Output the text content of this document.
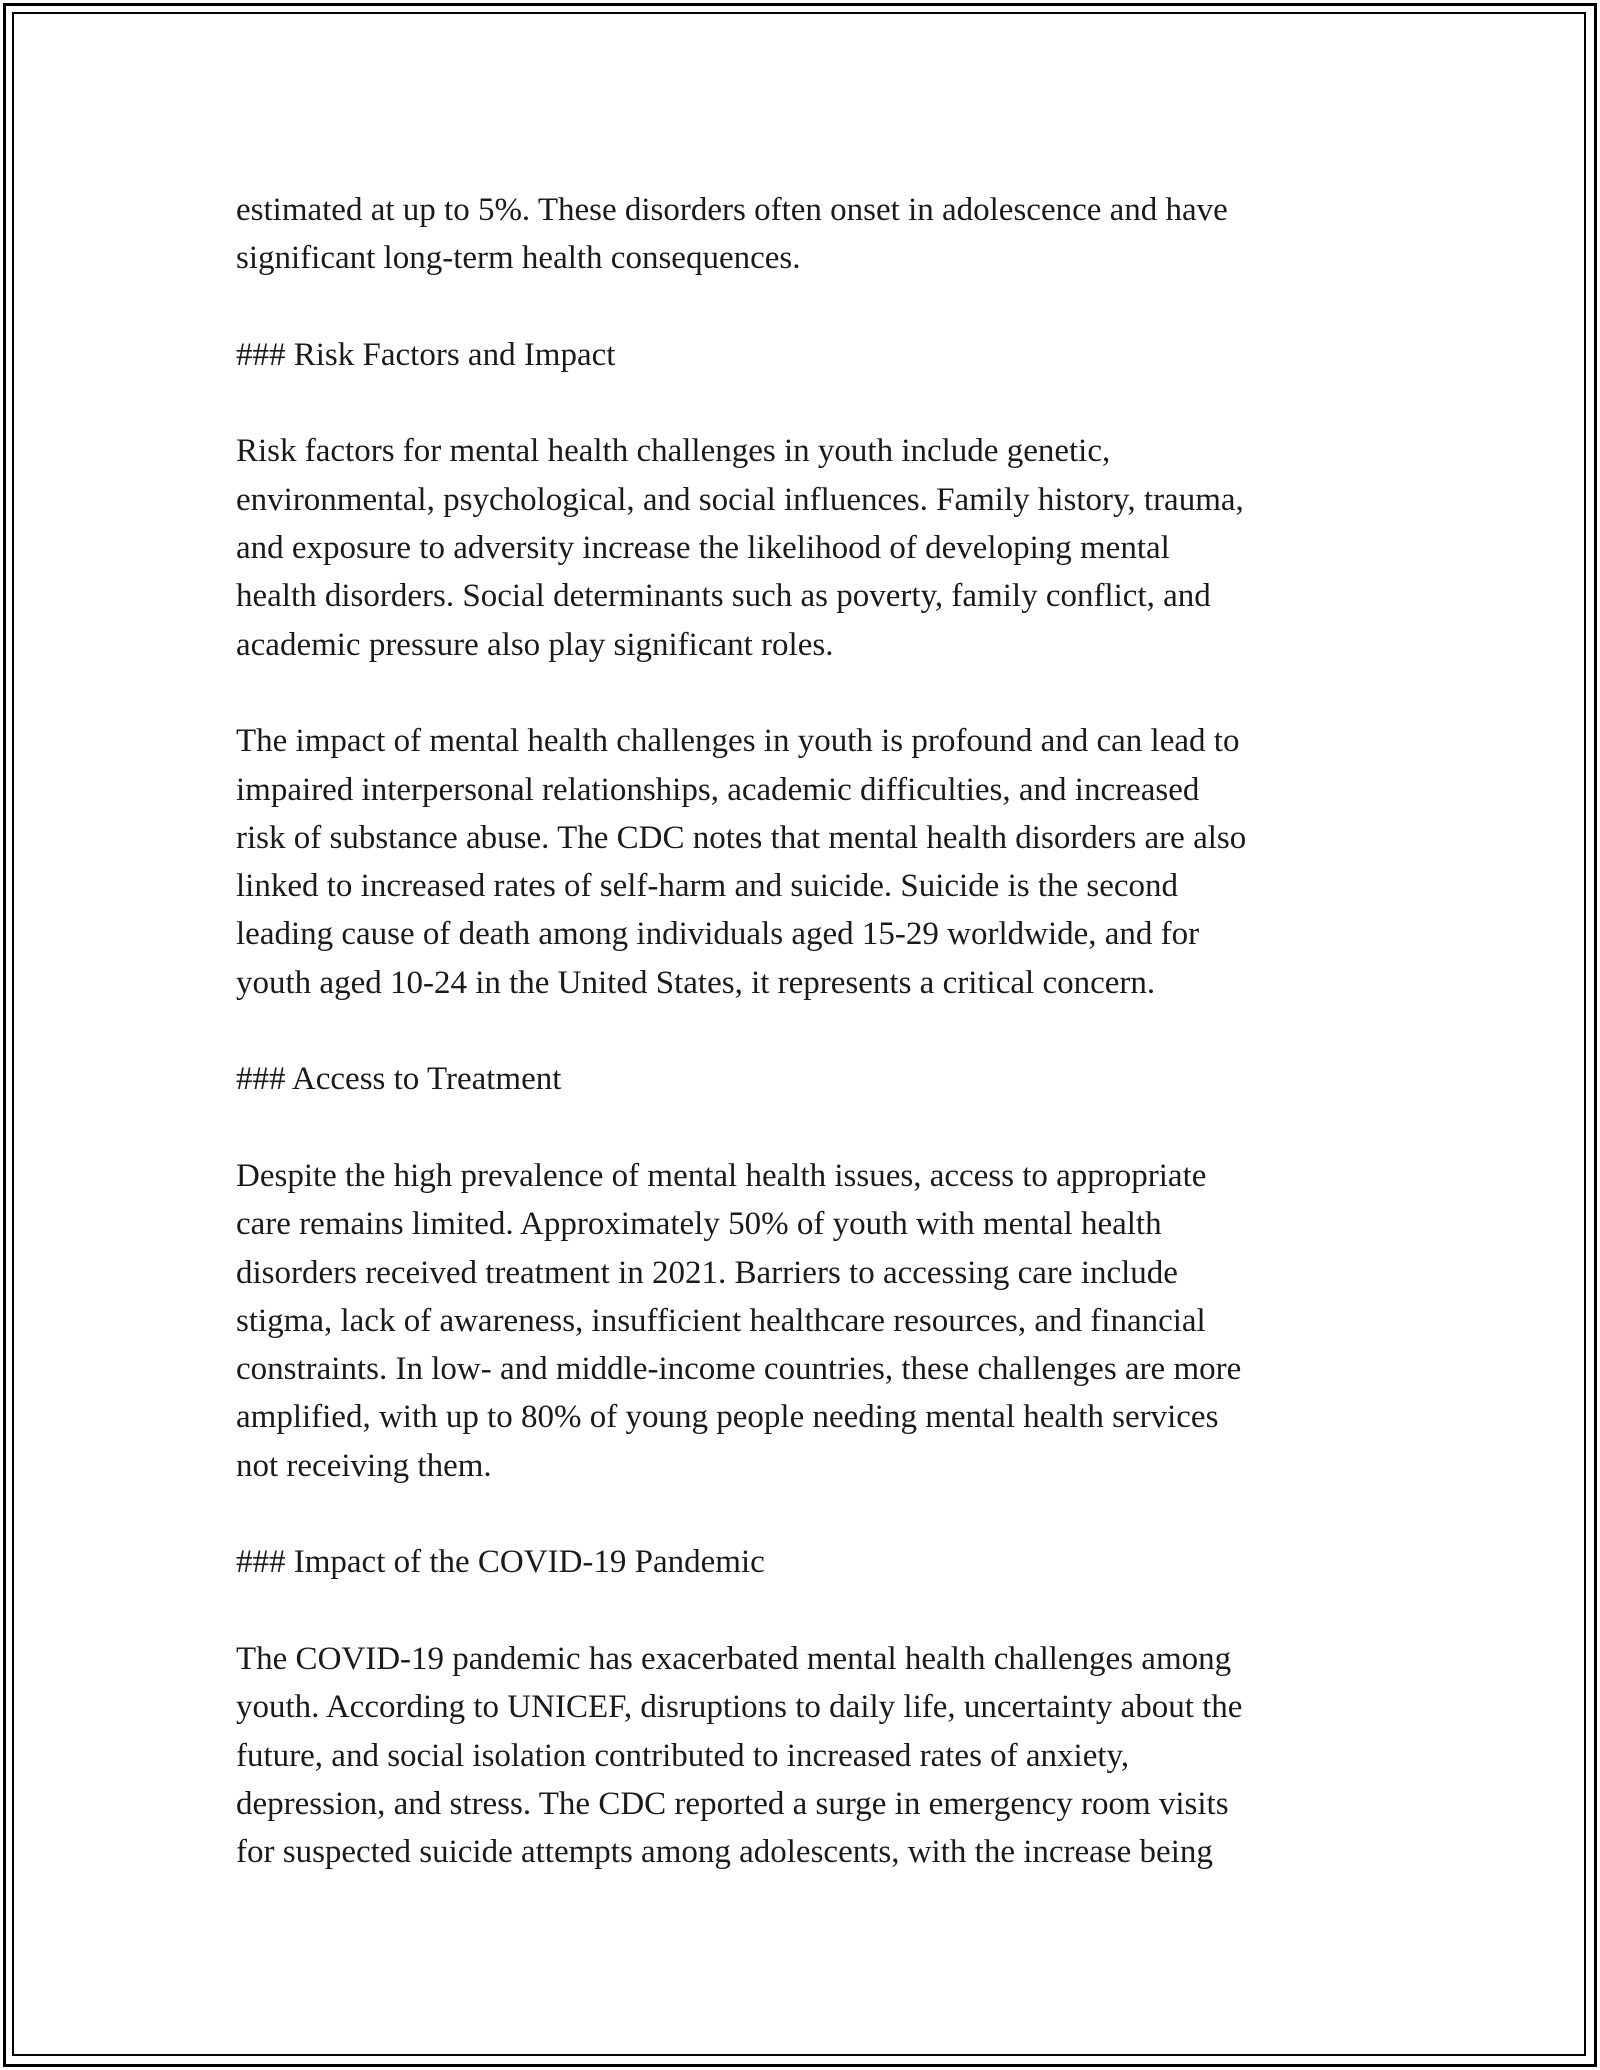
estimated at up to 5%. These disorders often onset in adolescence and have
significant long-term health consequences.
### Risk Factors and Impact
Risk factors for mental health challenges in youth include genetic,
environmental, psychological, and social influences. Family history, trauma,
and exposure to adversity increase the likelihood of developing mental
health disorders. Social determinants such as poverty, family conflict, and
academic pressure also play significant roles.
The impact of mental health challenges in youth is profound and can lead to
impaired interpersonal relationships, academic difficulties, and increased
risk of substance abuse. The CDC notes that mental health disorders are also
linked to increased rates of self-harm and suicide. Suicide is the second
leading cause of death among individuals aged 15-29 worldwide, and for
youth aged 10-24 in the United States, it represents a critical concern.
### Access to Treatment
Despite the high prevalence of mental health issues, access to appropriate
care remains limited. Approximately 50% of youth with mental health
disorders received treatment in 2021. Barriers to accessing care include
stigma, lack of awareness, insufficient healthcare resources, and financial
constraints. In low- and middle-income countries, these challenges are more
amplified, with up to 80% of young people needing mental health services
not receiving them.
### Impact of the COVID-19 Pandemic
The COVID-19 pandemic has exacerbated mental health challenges among
youth. According to UNICEF, disruptions to daily life, uncertainty about the
future, and social isolation contributed to increased rates of anxiety,
depression, and stress. The CDC reported a surge in emergency room visits
for suspected suicide attempts among adolescents, with the increase being
